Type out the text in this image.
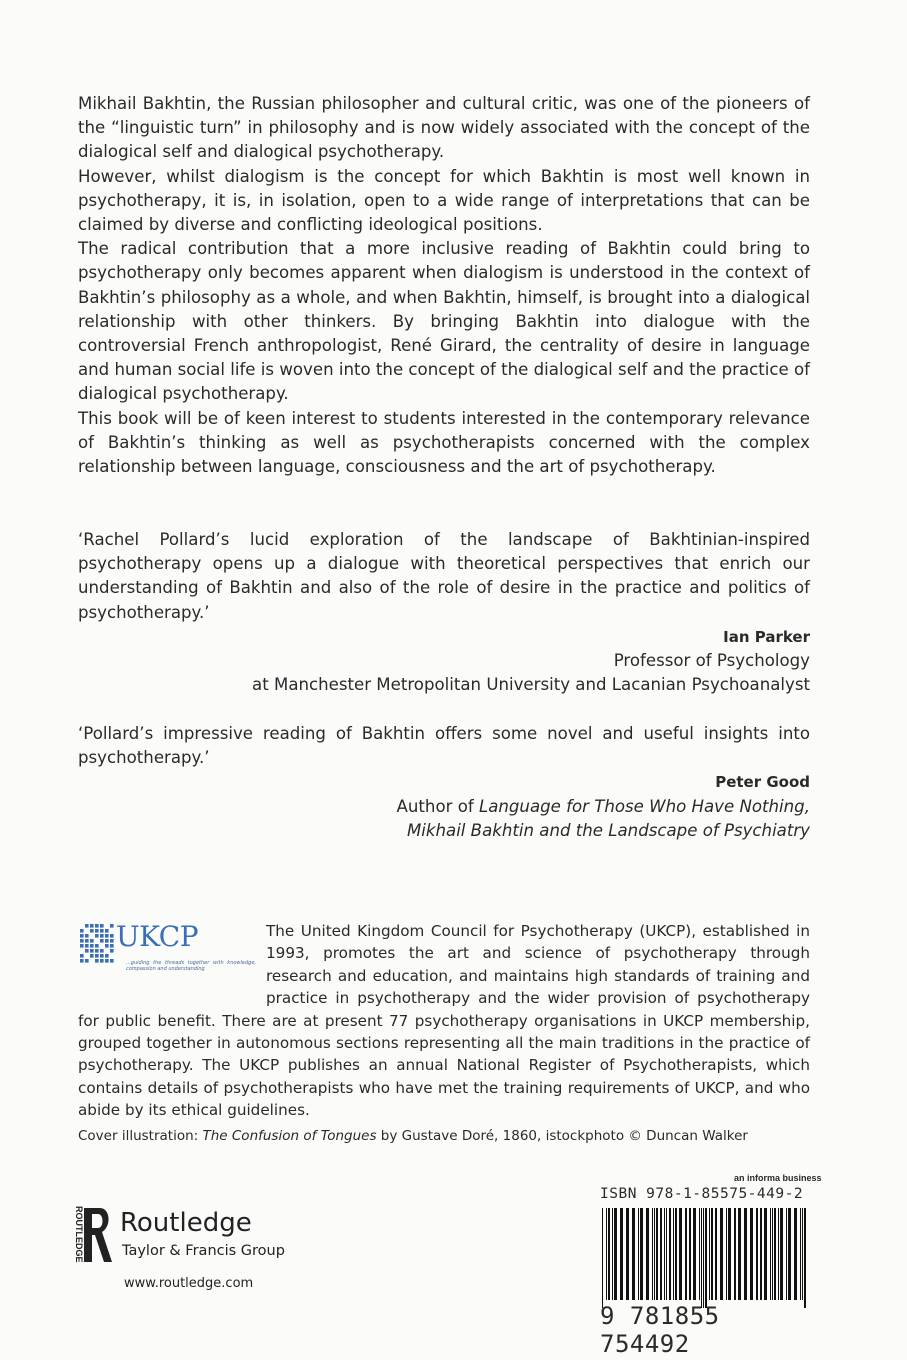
Mikhail Bakhtin, the Russian philosopher and cultural critic, was one of the pioneers of the “linguistic turn” in philosophy and is now widely associated with the concept of the dialogical self and dialogical psychotherapy.

However, whilst dialogism is the concept for which Bakhtin is most well known in psychotherapy, it is, in isolation, open to a wide range of interpretations that can be claimed by diverse and conflicting ideological positions.

The radical contribution that a more inclusive reading of Bakhtin could bring to psychotherapy only becomes apparent when dialogism is understood in the context of Bakhtin’s philosophy as a whole, and when Bakhtin, himself, is brought into a dialogical relationship with other thinkers. By bringing Bakhtin into dialogue with the controversial French anthropologist, René Girard, the centrality of desire in language and human social life is woven into the concept of the dialogical self and the practice of dialogical psychotherapy.

This book will be of keen interest to students interested in the contemporary relevance of Bakhtin’s thinking as well as psychotherapists concerned with the complex relationship between language, consciousness and the art of psychotherapy.

‘Rachel Pollard’s lucid exploration of the landscape of Bakhtinian-inspired psychotherapy opens up a dialogue with theoretical perspectives that enrich our understanding of Bakhtin and also of the role of desire in the practice and politics of psychotherapy.’

Ian Parker
Professor of Psychology
at Manchester Metropolitan University and Lacanian Psychoanalyst

‘Pollard’s impressive reading of Bakhtin offers some novel and useful insights into psychotherapy.’

Peter Good
Author of Language for Those Who Have Nothing,
Mikhail Bakhtin and the Landscape of Psychiatry
UKCP
...guiding the threads together with knowledge, compassion and understanding

The United Kingdom Council for Psychotherapy (UKCP), established in 1993, promotes the art and science of psychotherapy through research and education, and maintains high standards of training and practice in psychotherapy and the wider provision of psychotherapy for public benefit. There are at present 77 psychotherapy organisations in UKCP membership, grouped together in autonomous sections representing all the main traditions in the practice of psychotherapy. The UKCP publishes an annual National Register of Psychotherapists, which contains details of psychotherapists who have met the training requirements of UKCP, and who abide by its ethical guidelines.

Cover illustration: The Confusion of Tongues by Gustave Doré, 1860, istockphoto © Duncan Walker
ROUTLEDGE Routledge
Taylor & Francis Group
www.routledge.com
an informa business
ISBN 978-1-85575-449-2
9 781855 754492
